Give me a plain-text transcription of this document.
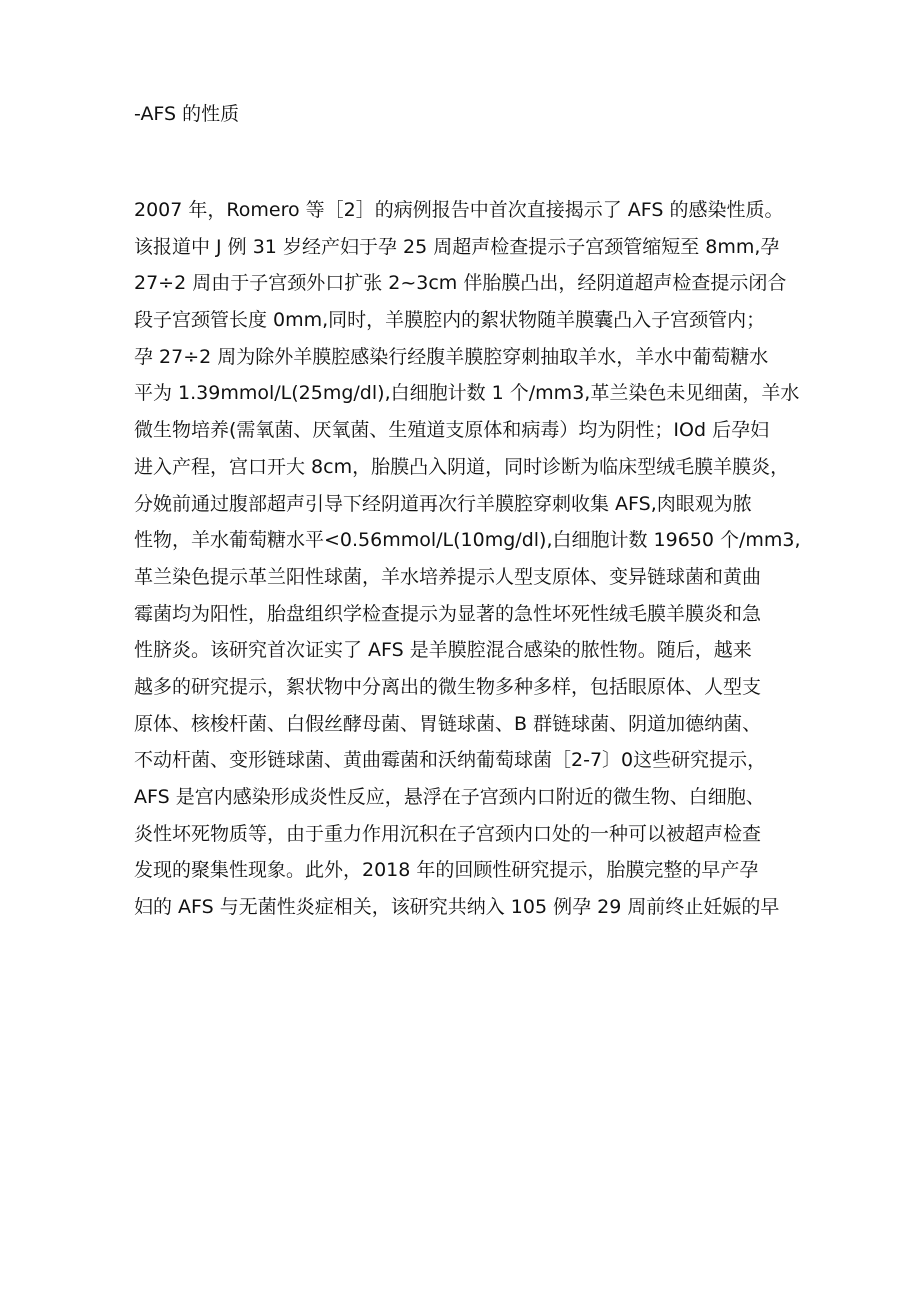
-AFS 的性质
2007 年，Romero 等［2］的病例报告中首次直接揭示了 AFS 的感染性质。
该报道中 J 例 31 岁经产妇于孕 25 周超声检查提示子宫颈管缩短至 8mm,孕
27÷2 周由于子宫颈外口扩张 2~3cm 伴胎膜凸出，经阴道超声检查提示闭合
段子宫颈管长度 0mm,同时，羊膜腔内的絮状物随羊膜囊凸入子宫颈管内；
孕 27÷2 周为除外羊膜腔感染行经腹羊膜腔穿刺抽取羊水，羊水中葡萄糖水
平为 1.39mmol/L(25mg/dl),白细胞计数 1 个/mm3,革兰染色未见细菌，羊水
微生物培养(需氧菌、厌氧菌、生殖道支原体和病毒）均为阴性；IOd 后孕妇
进入产程，宫口开大 8cm，胎膜凸入阴道，同时诊断为临床型绒毛膜羊膜炎，
分娩前通过腹部超声引导下经阴道再次行羊膜腔穿刺收集 AFS,肉眼观为脓
性物，羊水葡萄糖水平<0.56mmol/L(10mg/dl),白细胞计数 19650 个/mm3,
革兰染色提示革兰阳性球菌，羊水培养提示人型支原体、变异链球菌和黄曲
霉菌均为阳性，胎盘组织学检查提示为显著的急性坏死性绒毛膜羊膜炎和急
性脐炎。该研究首次证实了 AFS 是羊膜腔混合感染的脓性物。随后，越来
越多的研究提示，絮状物中分离出的微生物多种多样，包括眼原体、人型支
原体、核梭杆菌、白假丝酵母菌、胃链球菌、B 群链球菌、阴道加德纳菌、
不动杆菌、变形链球菌、黄曲霉菌和沃纳葡萄球菌［2-7〕0这些研究提示，
AFS 是宫内感染形成炎性反应，悬浮在子宫颈内口附近的微生物、白细胞、
炎性坏死物质等，由于重力作用沉积在子宫颈内口处的一种可以被超声检查
发现的聚集性现象。此外，2018 年的回顾性研究提示，胎膜完整的早产孕
妇的 AFS 与无菌性炎症相关，该研究共纳入 105 例孕 29 周前终止妊娠的早
